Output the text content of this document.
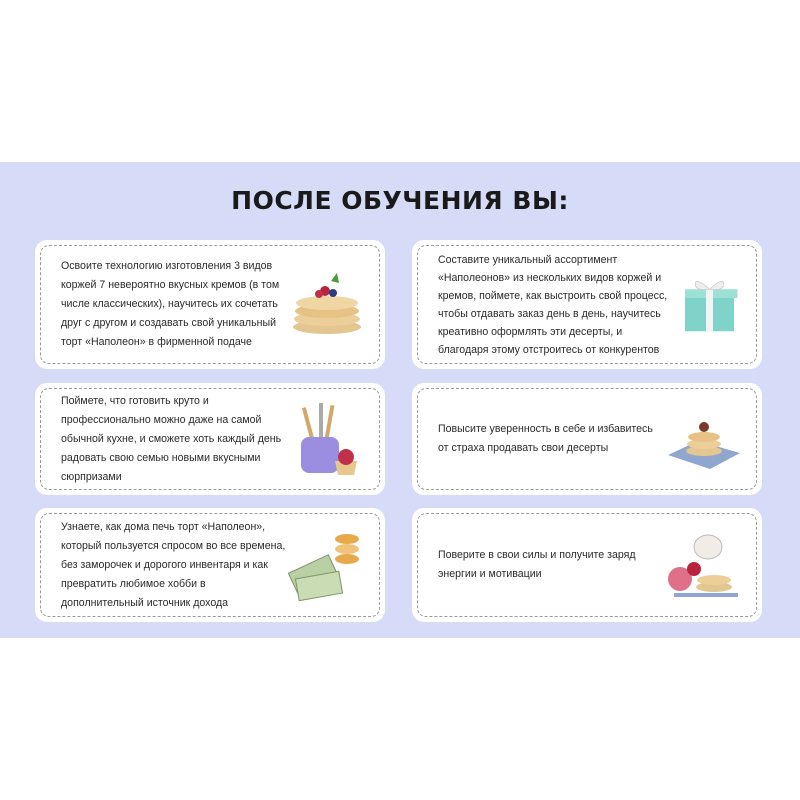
ПОСЛЕ ОБУЧЕНИЯ ВЫ:
Освоите технологию изготовления 3 видов коржей 7 невероятно вкусных кремов (в том числе классических), научитесь их сочетать друг с другом и создавать свой уникальный торт «Наполеон» в фирменной подаче
Составите уникальный ассортимент «Наполеонов» из нескольких видов коржей и кремов, поймете, как выстроить свой процесс, чтобы отдавать заказ день в день, научитесь креативно оформлять эти десерты, и благодаря этому отстроитесь от конкурентов
Поймете, что готовить круто и профессионально можно даже на самой обычной кухне, и сможете хоть каждый день радовать свою семью новыми вкусными сюрпризами
Повысите уверенность в себе и избавитесь от страха продавать свои десерты
Узнаете, как дома печь торт «Наполеон», который пользуется спросом во все времена, без заморочек и дорогого инвентаря и как превратить любимое хобби в дополнительный источник дохода
Поверите в свои силы и получите заряд энергии и мотивации
